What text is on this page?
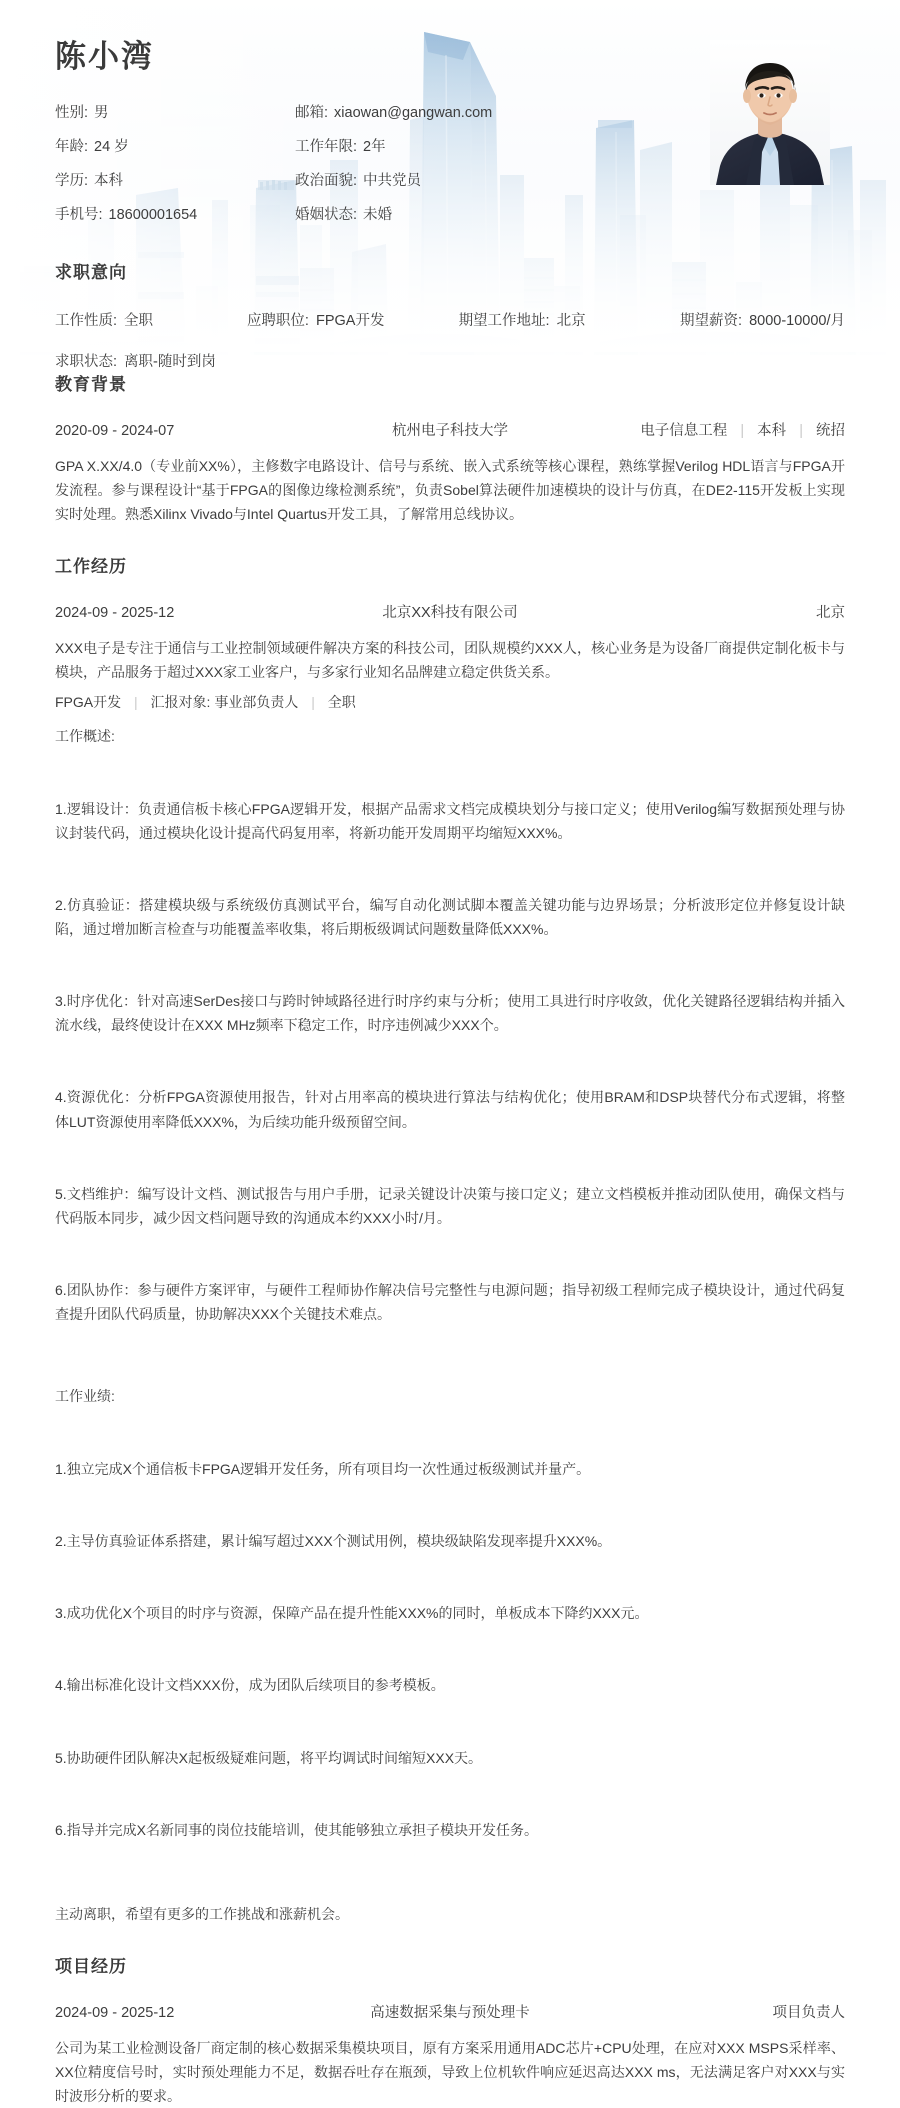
陈小湾
性别: 男	邮箱: xiaowan@gangwan.com
年龄: 24 岁	工作年限: 2年
学历: 本科	政治面貌: 中共党员
手机号: 18600001654	婚姻状态: 未婚
求职意向
工作性质: 全职	应聘职位: FPGA开发	期望工作地址: 北京	期望薪资: 8000-10000/月
求职状态: 离职-随时到岗
教育背景
2020-09 - 2024-07	杭州电子科技大学	电子信息工程 | 本科 | 统招
GPA X.XX/4.0（专业前XX%），主修数字电路设计、信号与系统、嵌入式系统等核心课程，熟练掌握Verilog HDL语言与FPGA开发流程。参与课程设计“基于FPGA的图像边缘检测系统”，负责Sobel算法硬件加速模块的设计与仿真，在DE2-115开发板上实现实时处理。熟悉Xilinx Vivado与Intel Quartus开发工具，了解常用总线协议。
工作经历
2024-09 - 2025-12	北京XX科技有限公司	北京
XXX电子是专注于通信与工业控制领域硬件解决方案的科技公司，团队规模约XXX人，核心业务是为设备厂商提供定制化板卡与模块，产品服务于超过XXX家工业客户，与多家行业知名品牌建立稳定供货关系。
FPGA开发 | 汇报对象: 事业部负责人 | 全职
工作概述:

1.逻辑设计：负责通信板卡核心FPGA逻辑开发，根据产品需求文档完成模块划分与接口定义；使用Verilog编写数据预处理与协议封装代码，通过模块化设计提高代码复用率，将新功能开发周期平均缩短XXX%。

2.仿真验证：搭建模块级与系统级仿真测试平台，编写自动化测试脚本覆盖关键功能与边界场景；分析波形定位并修复设计缺陷，通过增加断言检查与功能覆盖率收集，将后期板级调试问题数量降低XXX%。

3.时序优化：针对高速SerDes接口与跨时钟域路径进行时序约束与分析；使用工具进行时序收敛，优化关键路径逻辑结构并插入流水线，最终使设计在XXX MHz频率下稳定工作，时序违例减少XXX个。

4.资源优化：分析FPGA资源使用报告，针对占用率高的模块进行算法与结构优化；使用BRAM和DSP块替代分布式逻辑，将整体LUT资源使用率降低XXX%，为后续功能升级预留空间。

5.文档维护：编写设计文档、测试报告与用户手册，记录关键设计决策与接口定义；建立文档模板并推动团队使用，确保文档与代码版本同步，减少因文档问题导致的沟通成本约XXX小时/月。

6.团队协作：参与硬件方案评审，与硬件工程师协作解决信号完整性与电源问题；指导初级工程师完成子模块设计，通过代码复查提升团队代码质量，协助解决XXX个关键技术难点。

工作业绩:

1.独立完成X个通信板卡FPGA逻辑开发任务，所有项目均一次性通过板级测试并量产。

2.主导仿真验证体系搭建，累计编写超过XXX个测试用例，模块级缺陷发现率提升XXX%。

3.成功优化X个项目的时序与资源，保障产品在提升性能XXX%的同时，单板成本下降约XXX元。

4.输出标准化设计文档XXX份，成为团队后续项目的参考模板。

5.协助硬件团队解决X起板级疑难问题，将平均调试时间缩短XXX天。

6.指导并完成X名新同事的岗位技能培训，使其能够独立承担子模块开发任务。

主动离职，希望有更多的工作挑战和涨薪机会。
项目经历
2024-09 - 2025-12	高速数据采集与预处理卡	项目负责人
公司为某工业检测设备厂商定制的核心数据采集模块项目，原有方案采用通用ADC芯片+CPU处理，在应对XXX MSPS采样率、XX位精度信号时，实时预处理能力不足，数据吞吐存在瓶颈，导致上位机软件响应延迟高达XXX ms，无法满足客户对XXX与实时波形分析的要求。
